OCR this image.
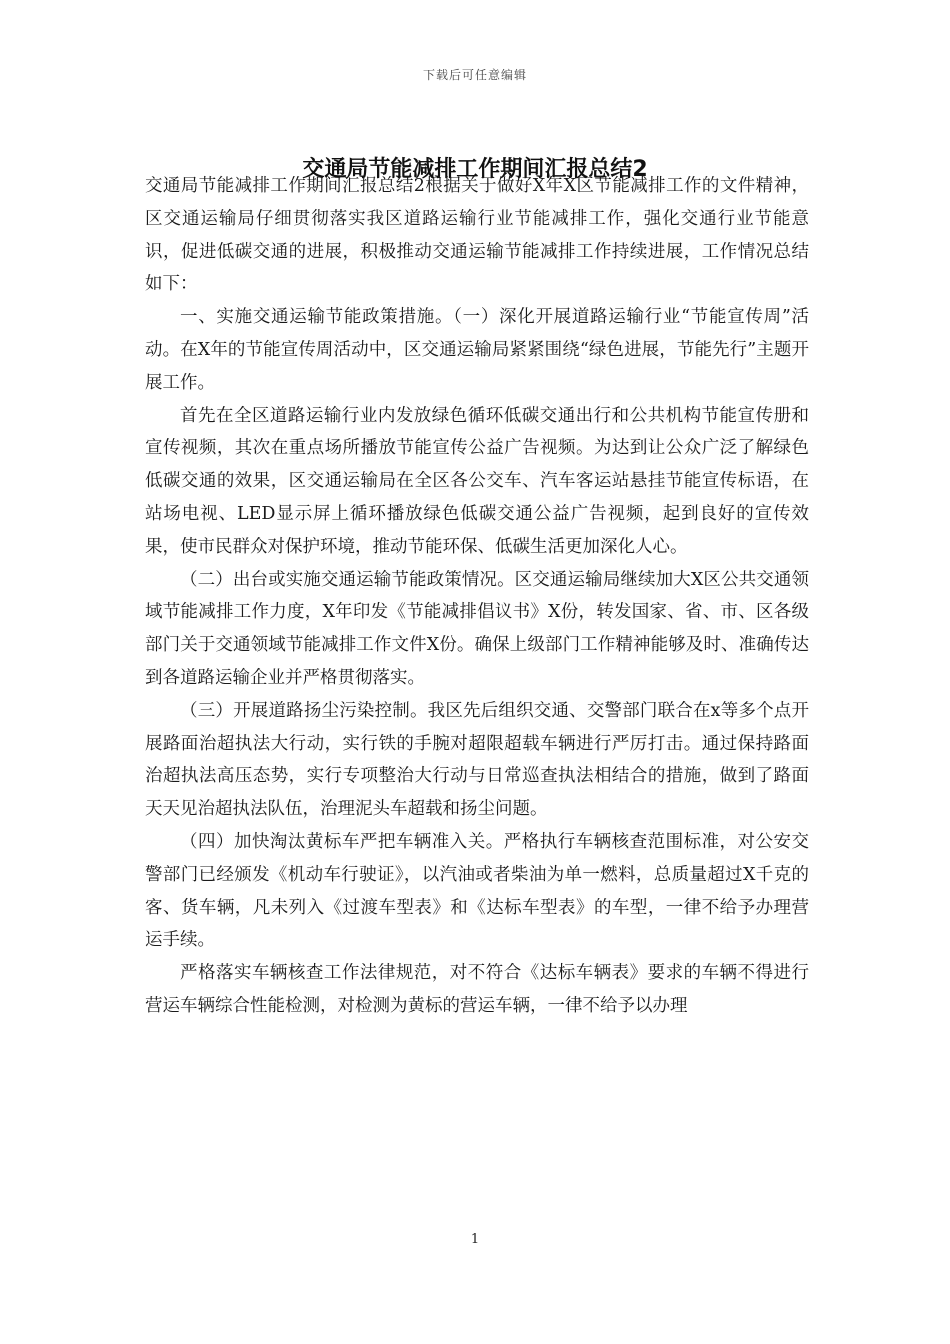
下载后可任意编辑
交通局节能减排工作期间汇报总结2

交通局节能减排工作期间汇报总结2根据关于做好X年X区节能减排工作的文件精神，区交通运输局仔细贯彻落实我区道路运输行业节能减排工作，强化交通行业节能意识，促进低碳交通的进展，积极推动交通运输节能减排工作持续进展，工作情况总结如下：

一、实施交通运输节能政策措施。（一）深化开展道路运输行业“节能宣传周”活动。在X年的节能宣传周活动中，区交通运输局紧紧围绕“绿色进展，节能先行”主题开展工作。

首先在全区道路运输行业内发放绿色循环低碳交通出行和公共机构节能宣传册和宣传视频，其次在重点场所播放节能宣传公益广告视频。为达到让公众广泛了解绿色低碳交通的效果，区交通运输局在全区各公交车、汽车客运站悬挂节能宣传标语，在站场电视、LED显示屏上循环播放绿色低碳交通公益广告视频，起到良好的宣传效果，使市民群众对保护环境，推动节能环保、低碳生活更加深化人心。

（二）出台或实施交通运输节能政策情况。区交通运输局继续加大X区公共交通领域节能减排工作力度，X年印发《节能减排倡议书》X份，转发国家、省、市、区各级部门关于交通领域节能减排工作文件X份。确保上级部门工作精神能够及时、准确传达到各道路运输企业并严格贯彻落实。

（三）开展道路扬尘污染控制。我区先后组织交通、交警部门联合在x等多个点开展路面治超执法大行动，实行铁的手腕对超限超载车辆进行严厉打击。通过保持路面治超执法高压态势，实行专项整治大行动与日常巡查执法相结合的措施，做到了路面天天见治超执法队伍，治理泥头车超载和扬尘问题。

（四）加快淘汰黄标车严把车辆准入关。严格执行车辆核查范围标准，对公安交警部门已经颁发《机动车行驶证》，以汽油或者柴油为单一燃料，总质量超过X千克的客、货车辆，凡未列入《过渡车型表》和《达标车型表》的车型，一律不给予办理营运手续。

严格落实车辆核查工作法律规范，对不符合《达标车辆表》要求的车辆不得进行营运车辆综合性能检测，对检测为黄标的营运车辆，一律不给予以办理

1
